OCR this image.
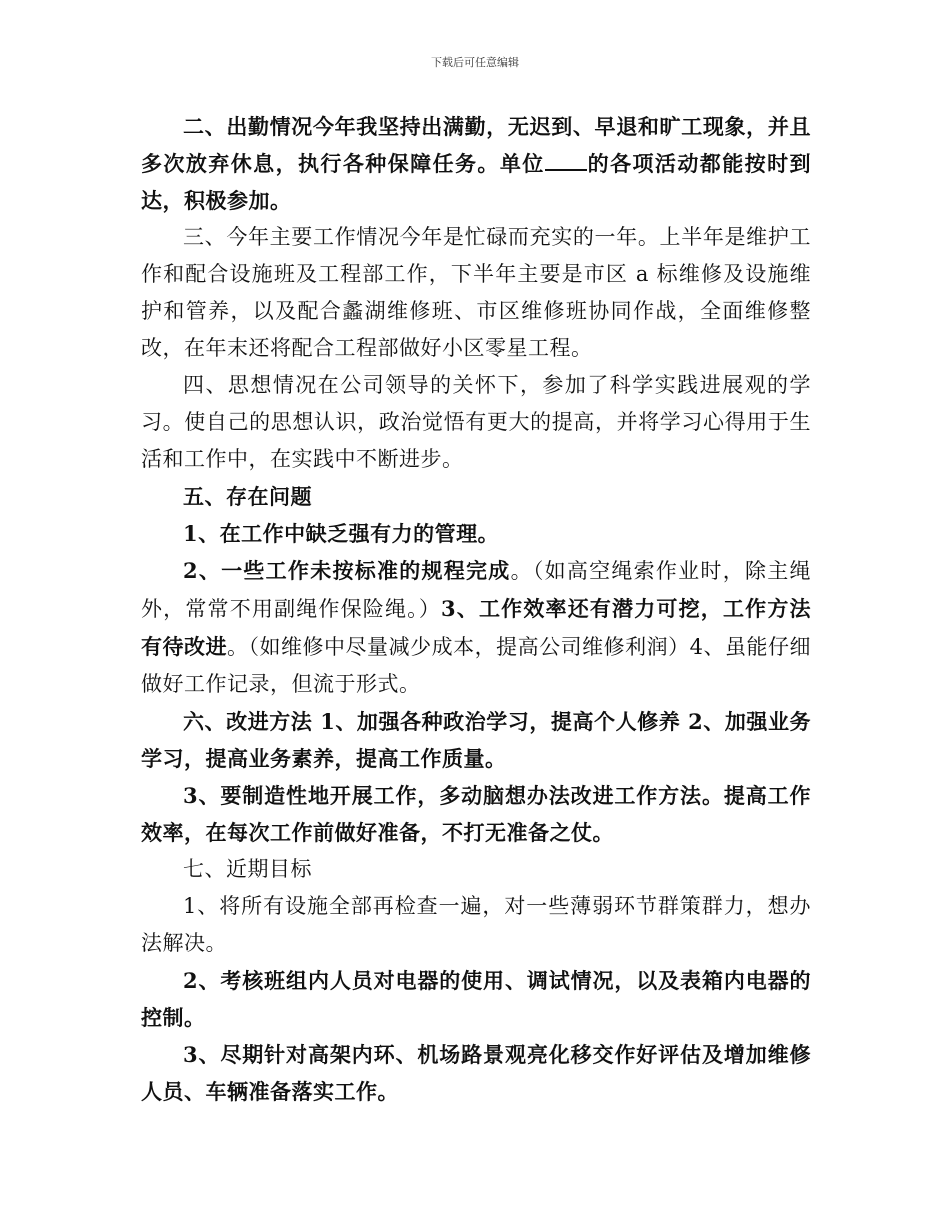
下载后可任意编辑

二、出勤情况今年我坚持出满勤，无迟到、早退和旷工现象，并且多次放弃休息，执行各种保障任务。单位 的各项活动都能按时到达，积极参加。

三、今年主要工作情况今年是忙碌而充实的一年。上半年是维护工作和配合设施班及工程部工作，下半年主要是市区 a 标维修及设施维护和管养，以及配合蠡湖维修班、市区维修班协同作战，全面维修整改，在年末还将配合工程部做好小区零星工程。

四、思想情况在公司领导的关怀下，参加了科学实践进展观的学习。使自己的思想认识，政治觉悟有更大的提高，并将学习心得用于生活和工作中，在实践中不断进步。

五、存在问题

1、在工作中缺乏强有力的管理。

2、一些工作未按标准的规程完成。（如高空绳索作业时，除主绳外，常常不用副绳作保险绳。）3、工作效率还有潜力可挖，工作方法有待改进。（如维修中尽量减少成本，提高公司维修利润）4、虽能仔细做好工作记录，但流于形式。

六、改进方法 1、加强各种政治学习，提高个人修养 2、加强业务学习，提高业务素养，提高工作质量。

3、要制造性地开展工作，多动脑想办法改进工作方法。提高工作效率，在每次工作前做好准备，不打无准备之仗。

七、近期目标

1、将所有设施全部再检查一遍，对一些薄弱环节群策群力，想办法解决。

2、考核班组内人员对电器的使用、调试情况，以及表箱内电器的控制。

3、尽期针对高架内环、机场路景观亮化移交作好评估及增加维修人员、车辆准备落实工作。
